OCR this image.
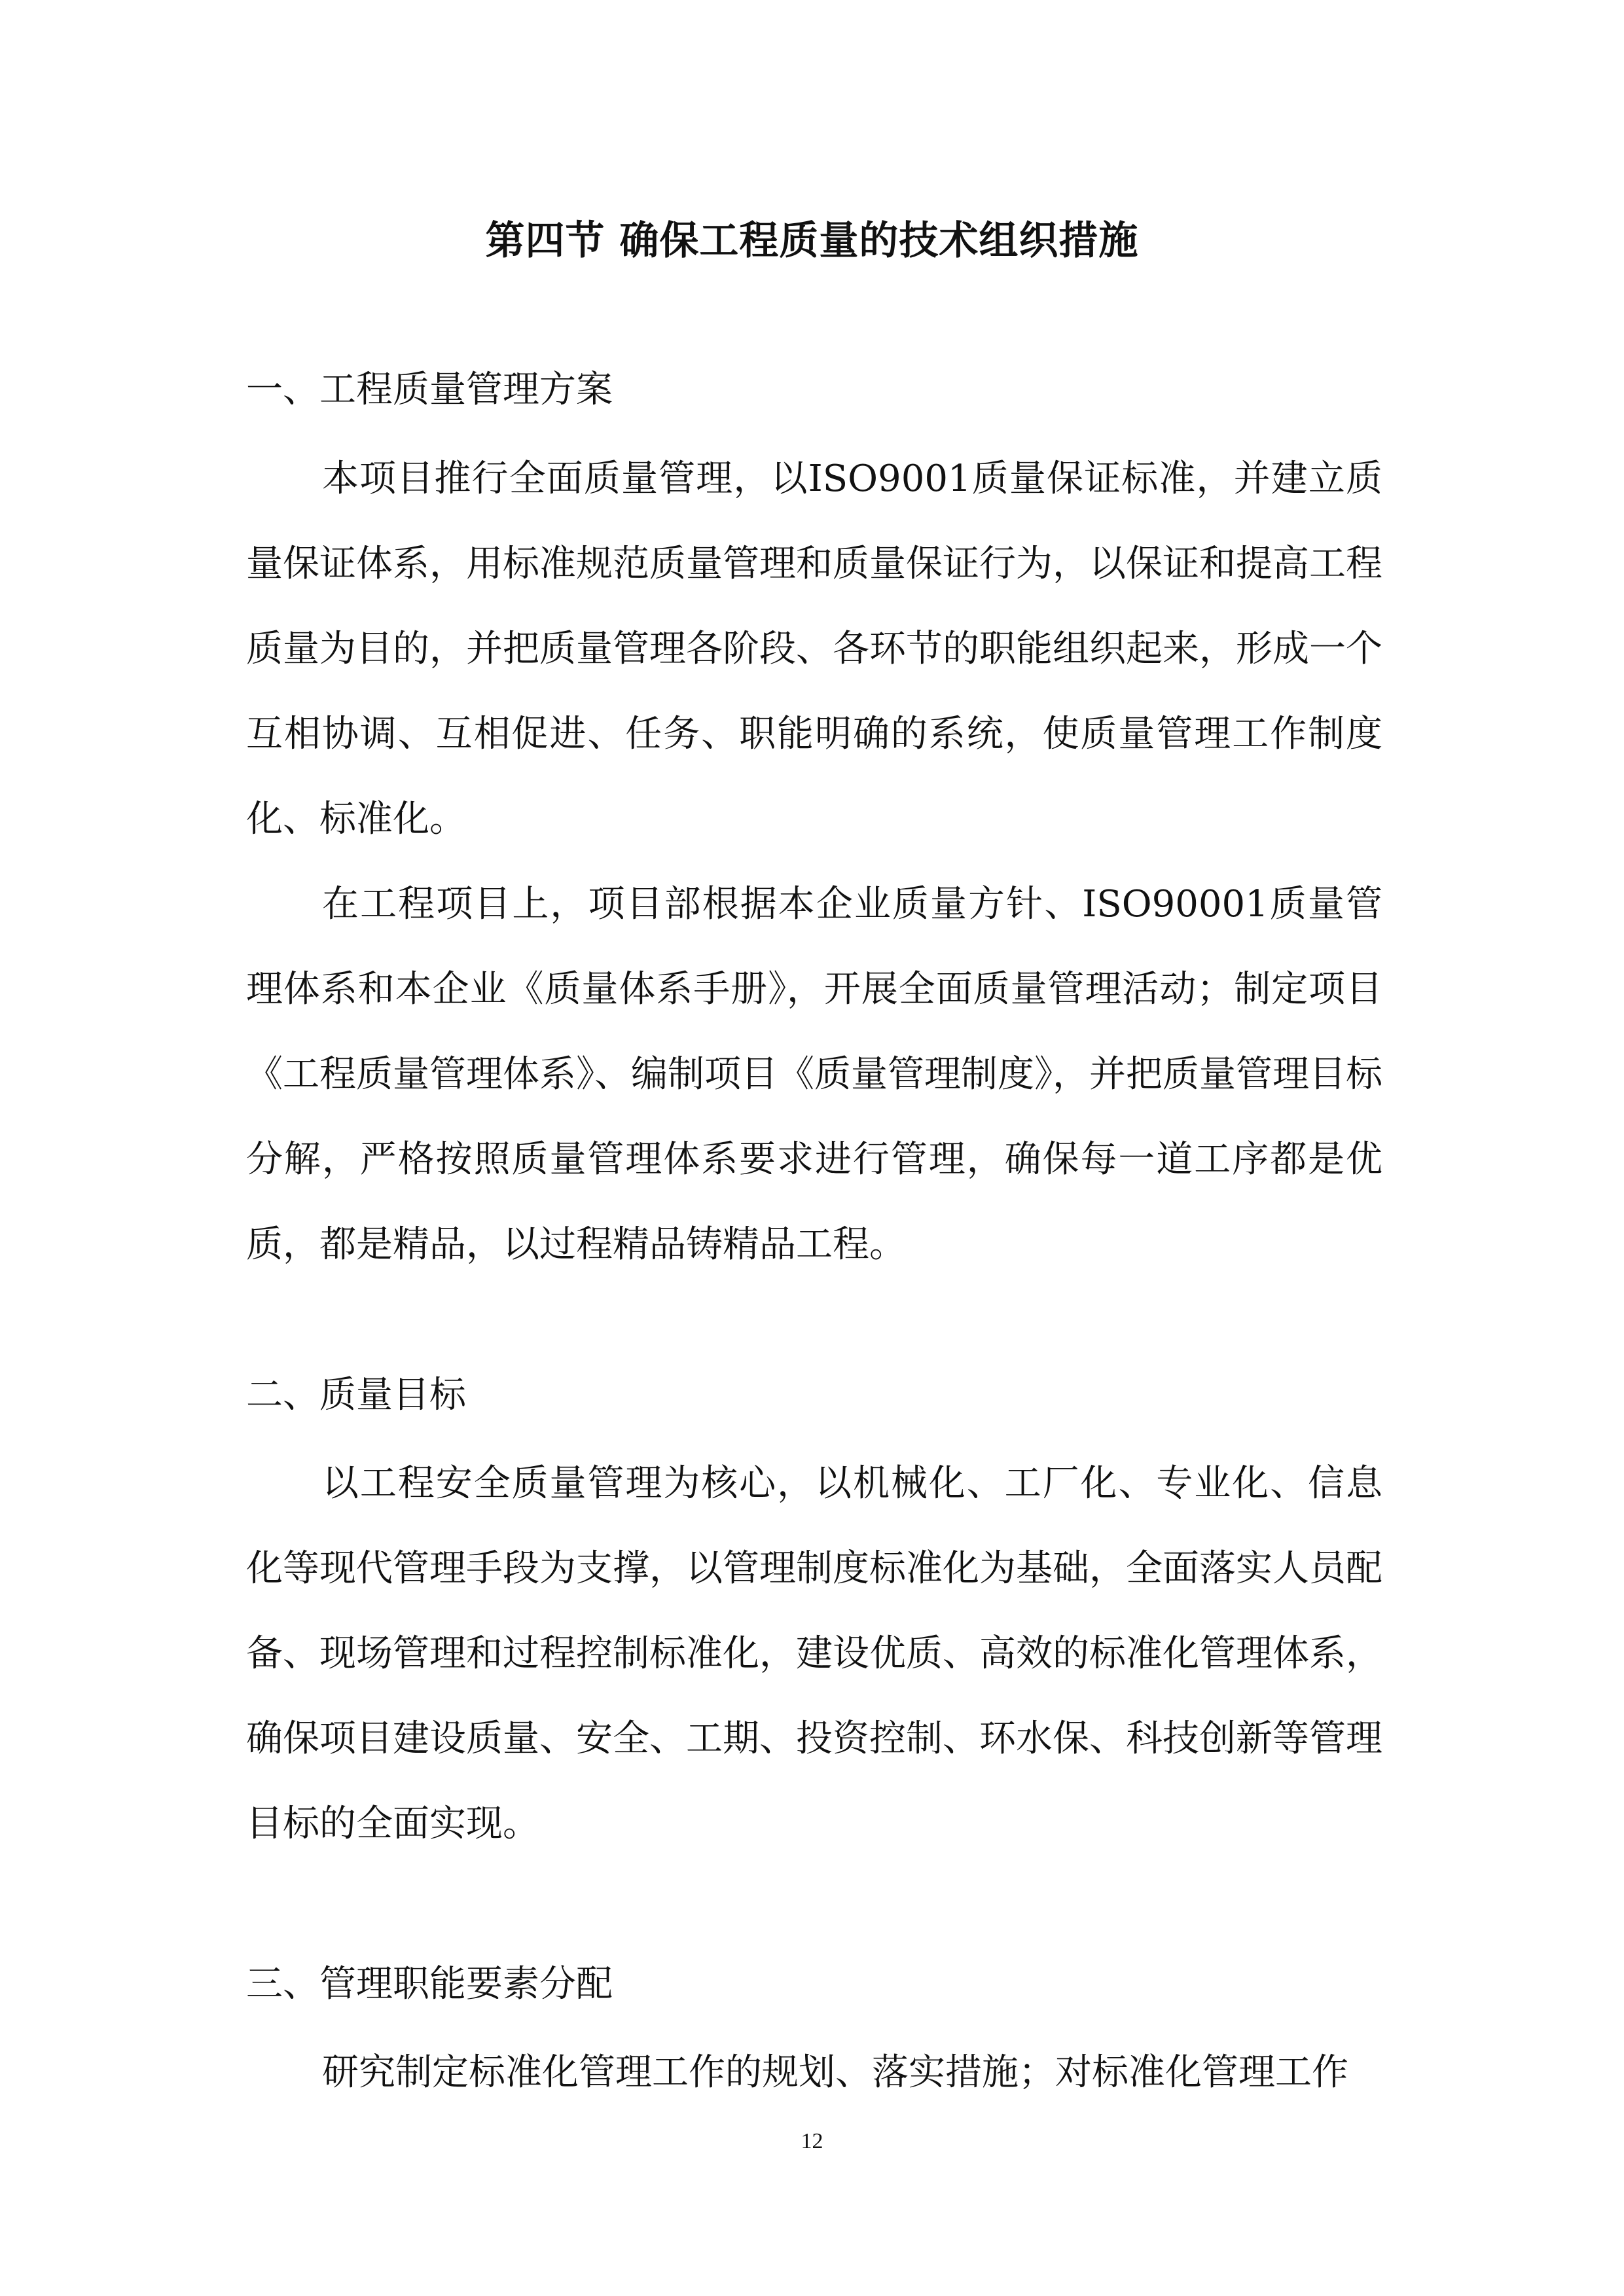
第四节 确保工程质量的技术组织措施
一、工程质量管理方案

本项目推行全面质量管理，以ISO9001质量保证标准，并建立质量保证体系，用标准规范质量管理和质量保证行为，以保证和提高工程质量为目的，并把质量管理各阶段、各环节的职能组织起来，形成一个互相协调、互相促进、任务、职能明确的系统，使质量管理工作制度化、标准化。

在工程项目上，项目部根据本企业质量方针、ISO90001质量管理体系和本企业《质量体系手册》，开展全面质量管理活动；制定项目《工程质量管理体系》、编制项目《质量管理制度》，并把质量管理目标分解，严格按照质量管理体系要求进行管理，确保每一道工序都是优质，都是精品，以过程精品铸精品工程。

二、质量目标

以工程安全质量管理为核心，以机械化、工厂化、专业化、信息化等现代管理手段为支撑，以管理制度标准化为基础，全面落实人员配备、现场管理和过程控制标准化，建设优质、高效的标准化管理体系，确保项目建设质量、安全、工期、投资控制、环水保、科技创新等管理目标的全面实现。

三、管理职能要素分配

研究制定标准化管理工作的规划、落实措施；对标准化管理工作

12
